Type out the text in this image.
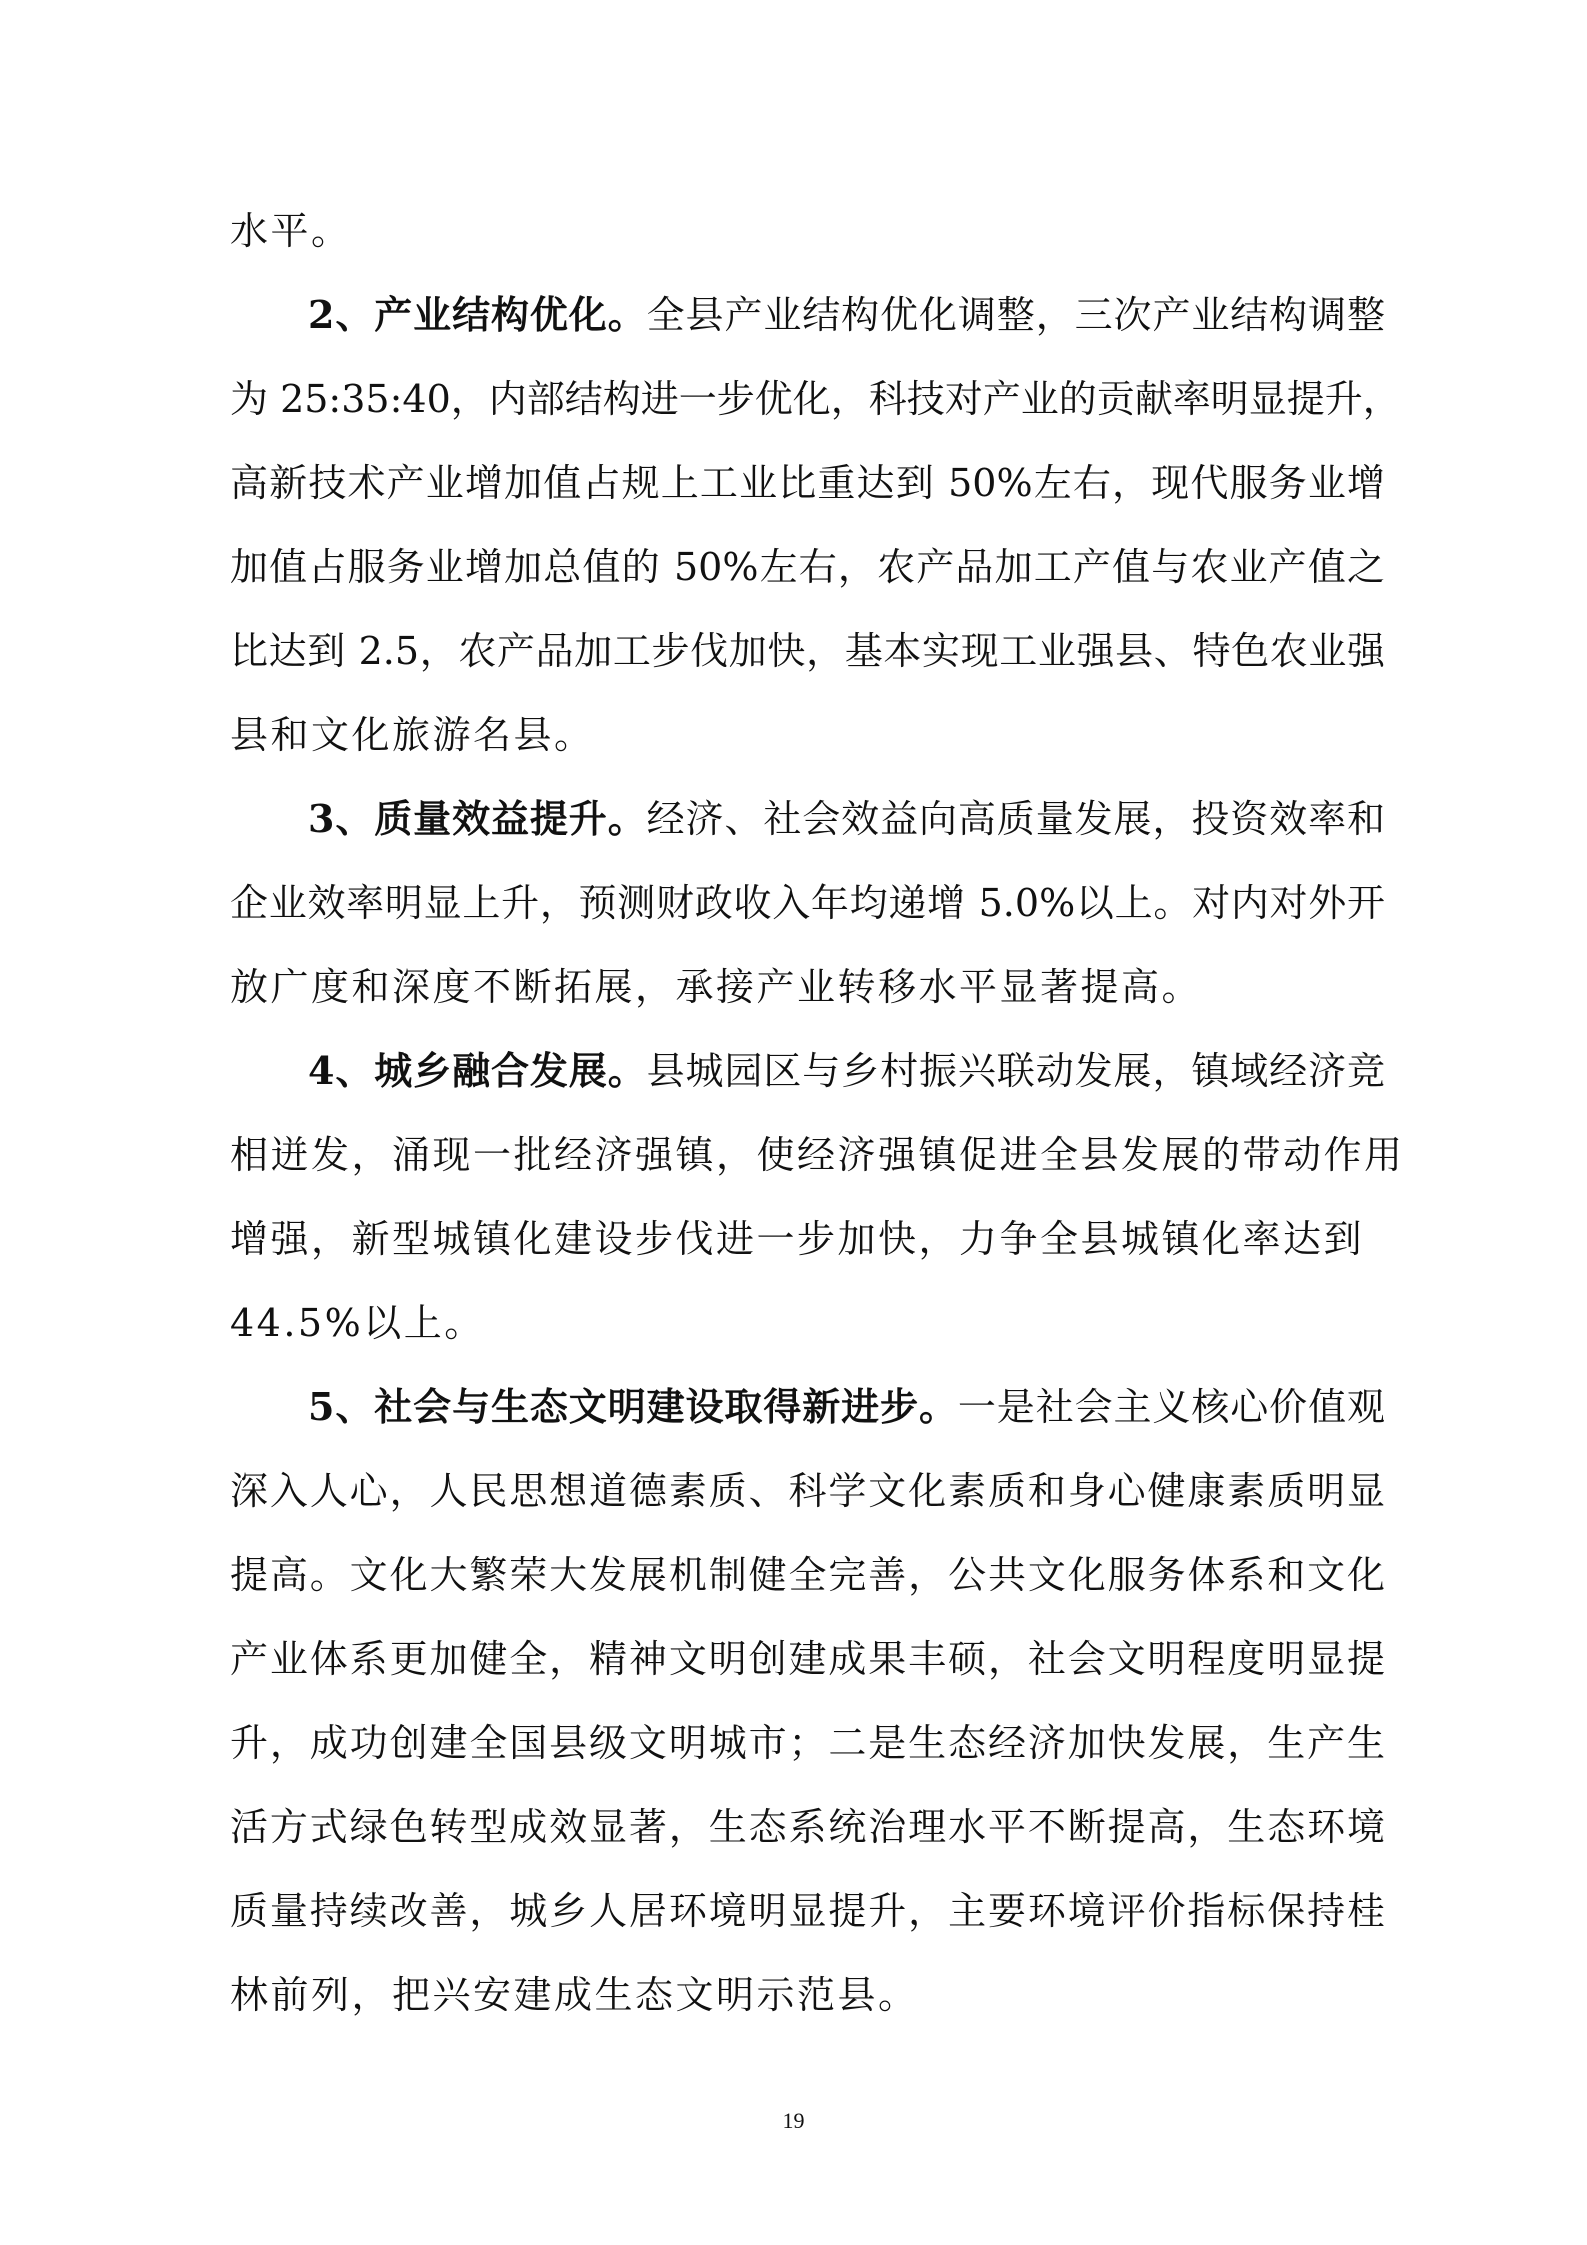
水平。
2、产业结构优化。全县产业结构优化调整，三次产业结构调整
为 25:35:40，内部结构进一步优化，科技对产业的贡献率明显提升，
高新技术产业增加值占规上工业比重达到 50%左右，现代服务业增
加值占服务业增加总值的 50%左右，农产品加工产值与农业产值之
比达到 2.5，农产品加工步伐加快，基本实现工业强县、特色农业强
县和文化旅游名县。
3、质量效益提升。经济、社会效益向高质量发展，投资效率和
企业效率明显上升，预测财政收入年均递增 5.0%以上。对内对外开
放广度和深度不断拓展，承接产业转移水平显著提高。
4、城乡融合发展。县城园区与乡村振兴联动发展，镇域经济竞
相迸发，涌现一批经济强镇，使经济强镇促进全县发展的带动作用
增强，新型城镇化建设步伐进一步加快，力争全县城镇化率达到
44.5%以上。
5、社会与生态文明建设取得新进步。一是社会主义核心价值观
深入人心，人民思想道德素质、科学文化素质和身心健康素质明显
提高。文化大繁荣大发展机制健全完善，公共文化服务体系和文化
产业体系更加健全，精神文明创建成果丰硕，社会文明程度明显提
升，成功创建全国县级文明城市；二是生态经济加快发展，生产生
活方式绿色转型成效显著，生态系统治理水平不断提高，生态环境
质量持续改善，城乡人居环境明显提升，主要环境评价指标保持桂
林前列，把兴安建成生态文明示范县。
19
